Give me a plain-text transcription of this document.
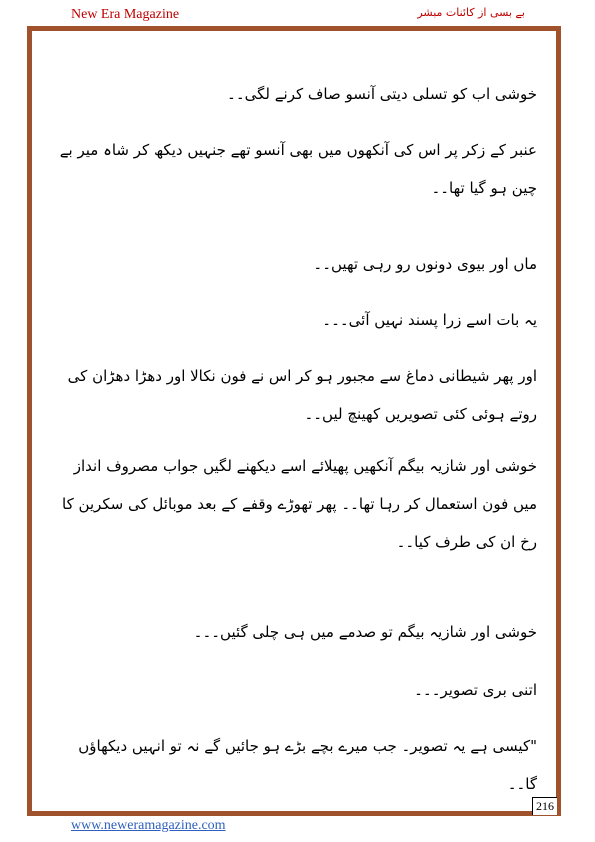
New Era Magazine	بے بسی از کائنات مبشر

خوشی اب کو تسلی دیتی آنسو صاف کرنے لگی۔۔

عنبر کے زکر پر اس کی آنکھوں میں بھی آنسو تھے جنہیں دیکھ کر شاہ میر بے چین ہو گیا تھا۔۔

ماں اور بیوی دونوں رو رہی تھیں۔۔

یہ بات اسے زرا پسند نہیں آئی۔۔۔

اور پھر شیطانی دماغ سے مجبور ہو کر اس نے فون نکالا اور دھڑا دھڑان کی روتے ہوئی کئی تصویریں کھینچ لیں۔۔

خوشی اور شازیہ بیگم آنکھیں پھیلائے اسے دیکھنے لگیں جواب مصروف انداز میں فون استعمال کر رہا تھا۔۔ پھر تھوڑے وقفے کے بعد موبائل کی سکرین کا رخ ان کی طرف کیا۔۔

خوشی اور شازیہ بیگم تو صدمے میں ہی چلی گئیں۔۔۔

اتنی بری تصویر۔۔۔

"کیسی ہے یہ تصویر۔ جب میرے بچے بڑے ہو جائیں گے نہ تو انہیں دیکھاؤں گا۔۔

216
www.neweramagazine.com
